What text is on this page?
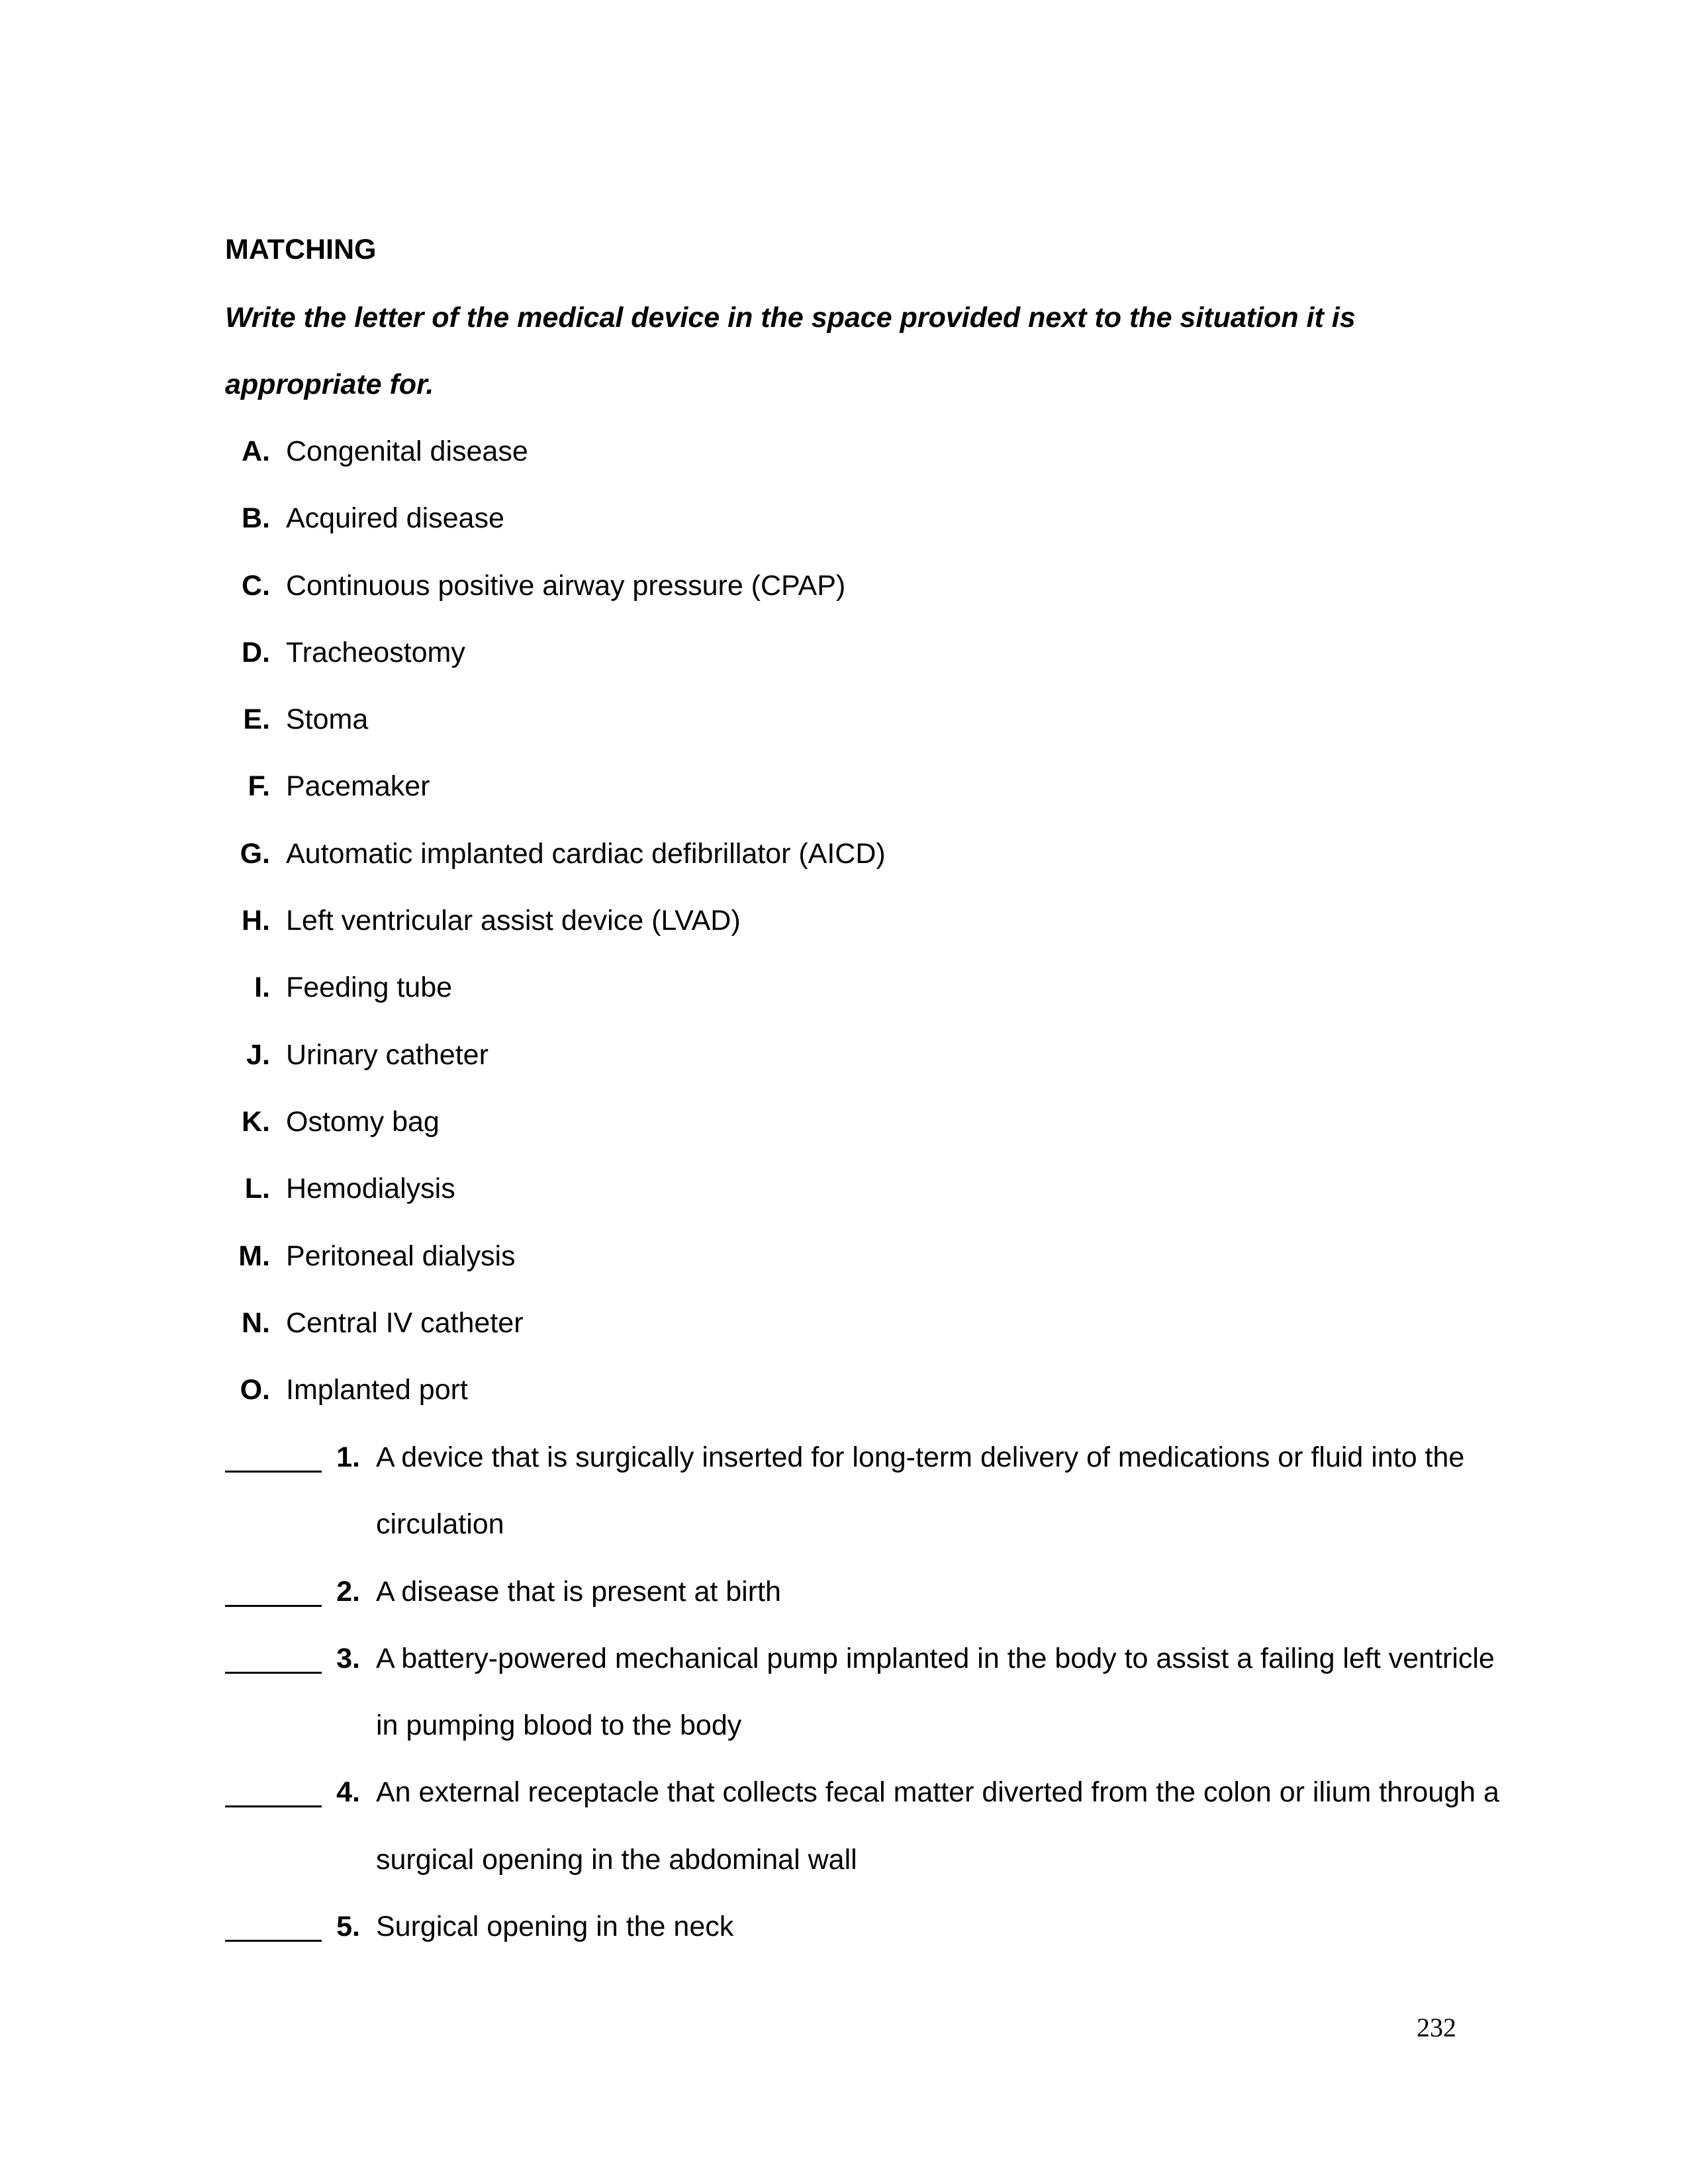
MATCHING
Write the letter of the medical device in the space provided next to the situation it is
appropriate for.
A. Congenital disease
B. Acquired disease
C. Continuous positive airway pressure (CPAP)
D. Tracheostomy
E. Stoma
F. Pacemaker
G. Automatic implanted cardiac defibrillator (AICD)
H. Left ventricular assist device (LVAD)
I. Feeding tube
J. Urinary catheter
K. Ostomy bag
L. Hemodialysis
M. Peritoneal dialysis
N. Central IV catheter
O. Implanted port
1. A device that is surgically inserted for long-term delivery of medications or fluid into the circulation
2. A disease that is present at birth
3. A battery-powered mechanical pump implanted in the body to assist a failing left ventricle in pumping blood to the body
4. An external receptacle that collects fecal matter diverted from the colon or ilium through a surgical opening in the abdominal wall
5. Surgical opening in the neck
232
